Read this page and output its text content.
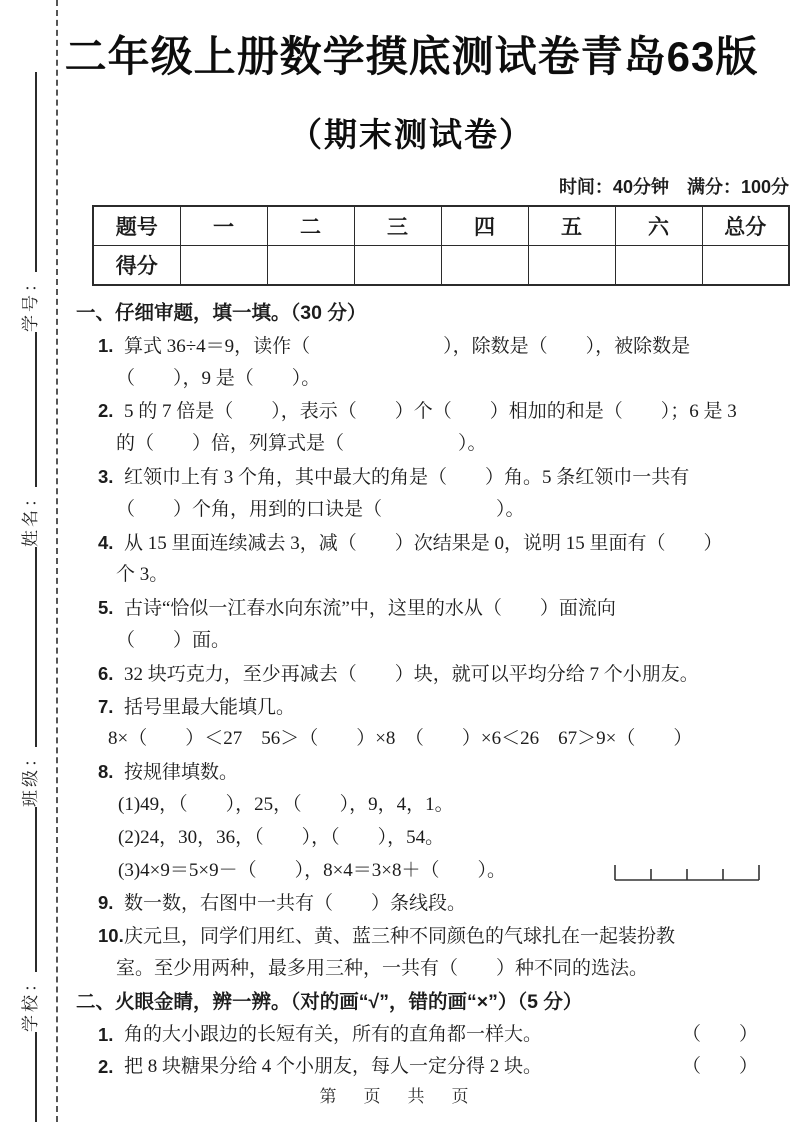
学校：
班级：
姓名：
学号：
二年级上册数学摸底测试卷青岛63版
（期末测试卷）
时间：40分钟　满分：100分
题号	一	二	三	四	五	六	总分
得分							
一、仔细审题，填一填。（30 分）
1. 算式 36÷4＝9，读作（　　　　　　　），除数是（　　），被除数是
（　　），9 是（　　）。
2. 5 的 7 倍是（　　），表示（　　）个（　　）相加的和是（　　）；6 是 3
的（　　）倍，列算式是（　　　　　　）。
3. 红领巾上有 3 个角，其中最大的角是（　　）角。5 条红领巾一共有
（　　）个角，用到的口诀是（　　　　　　）。
4. 从 15 里面连续减去 3，减（　　）次结果是 0，说明 15 里面有（　　）
个 3。
5. 古诗“恰似一江春水向东流”中，这里的水从（　　）面流向
（　　）面。
6. 32 块巧克力，至少再减去（　　）块，就可以平均分给 7 个小朋友。
7. 括号里最大能填几。
8×（　　）＜27　56＞（　　）×8　（　　）×6＜26　67＞9×（　　）
8. 按规律填数。
(1)49，（　　），25，（　　），9，4，1。
(2)24，30，36，（　　），（　　），54。
(3)4×9＝5×9－（　　），8×4＝3×8＋（　　）。
9. 数一数，右图中一共有（　　）条线段。
10.庆元旦，同学们用红、黄、蓝三种不同颜色的气球扎在一起装扮教
室。至少用两种，最多用三种，一共有（　　）种不同的选法。
二、火眼金睛，辨一辨。（对的画“√”，错的画“×”）（5 分）
1. 角的大小跟边的长短有关，所有的直角都一样大。	（　　）
2. 把 8 块糖果分给 4 个小朋友，每人一定分得 2 块。	（　　）
第　页　共　页
